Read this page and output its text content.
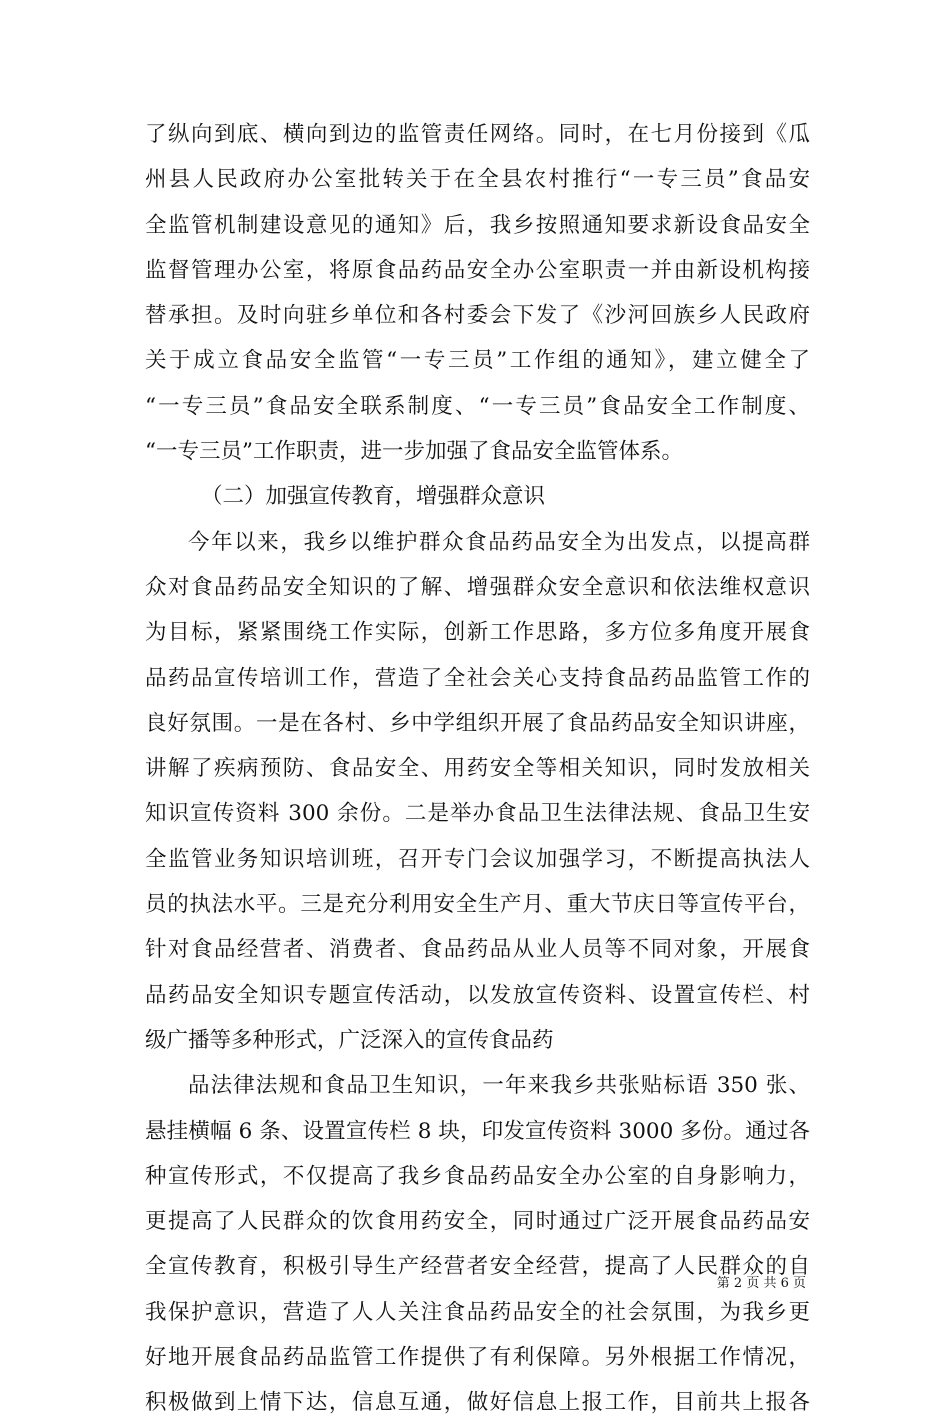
了纵向到底、横向到边的监管责任网络。同时，在七月份接到《瓜
州县人民政府办公室批转关于在全县农村推行“一专三员”食品安
全监管机制建设意见的通知》后，我乡按照通知要求新设食品安全
监督管理办公室，将原食品药品安全办公室职责一并由新设机构接
替承担。及时向驻乡单位和各村委会下发了《沙河回族乡人民政府
关于成立食品安全监管“一专三员”工作组的通知》，建立健全了
“一专三员”食品安全联系制度、“一专三员”食品安全工作制度、
“一专三员”工作职责，进一步加强了食品安全监管体系。
（二）加强宣传教育，增强群众意识
今年以来，我乡以维护群众食品药品安全为出发点，以提高群
众对食品药品安全知识的了解、增强群众安全意识和依法维权意识
为目标，紧紧围绕工作实际，创新工作思路，多方位多角度开展食
品药品宣传培训工作，营造了全社会关心支持食品药品监管工作的
良好氛围。一是在各村、乡中学组织开展了食品药品安全知识讲座，
讲解了疾病预防、食品安全、用药安全等相关知识，同时发放相关
知识宣传资料 300 余份。二是举办食品卫生法律法规、食品卫生安
全监管业务知识培训班，召开专门会议加强学习，不断提高执法人
员的执法水平。三是充分利用安全生产月、重大节庆日等宣传平台，
针对食品经营者、消费者、食品药品从业人员等不同对象，开展食
品药品安全知识专题宣传活动，以发放宣传资料、设置宣传栏、村
级广播等多种形式，广泛深入的宣传食品药
品法律法规和食品卫生知识，一年来我乡共张贴标语 350 张、
悬挂横幅 6 条、设置宣传栏 8 块，印发宣传资料 3000 多份。通过各
种宣传形式，不仅提高了我乡食品药品安全办公室的自身影响力，
更提高了人民群众的饮食用药安全，同时通过广泛开展食品药品安
全宣传教育，积极引导生产经营者安全经营，提高了人民群众的自
我保护意识，营造了人人关注食品药品安全的社会氛围，为我乡更
好地开展食品药品监管工作提供了有利保障。另外根据工作情况，
积极做到上情下达，信息互通，做好信息上报工作，目前共上报各
第 2 页 共 6 页
